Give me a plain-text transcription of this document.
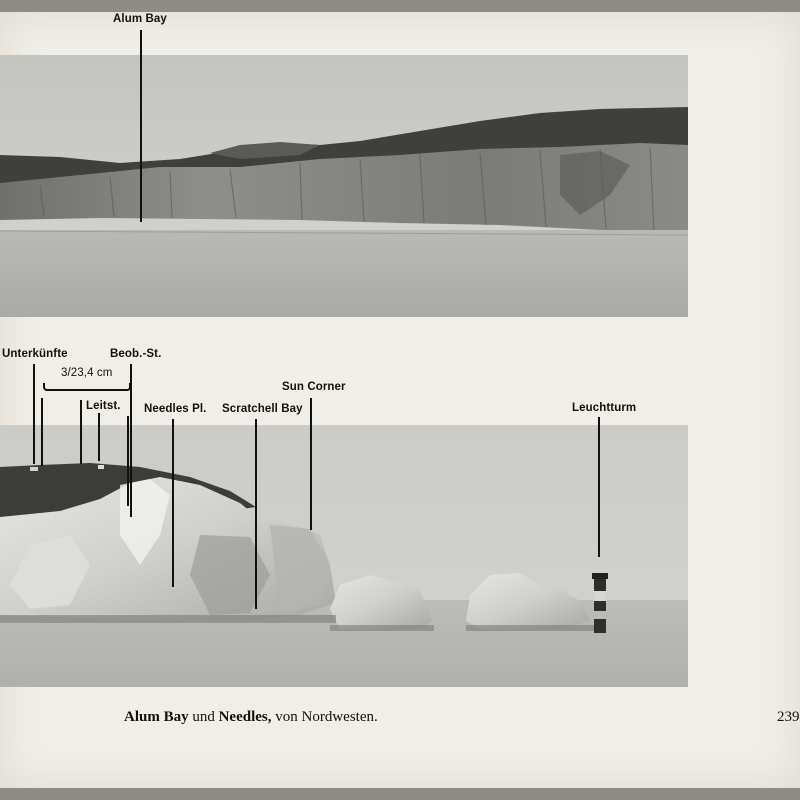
Alum Bay
Unterkünfte	Beob.-St.
3/23,4 cm
Leitst. Needles Pl. Scratchell Bay
Sun Corner
Leuchtturm
Alum Bay und Needles, von Nordwesten.	239
